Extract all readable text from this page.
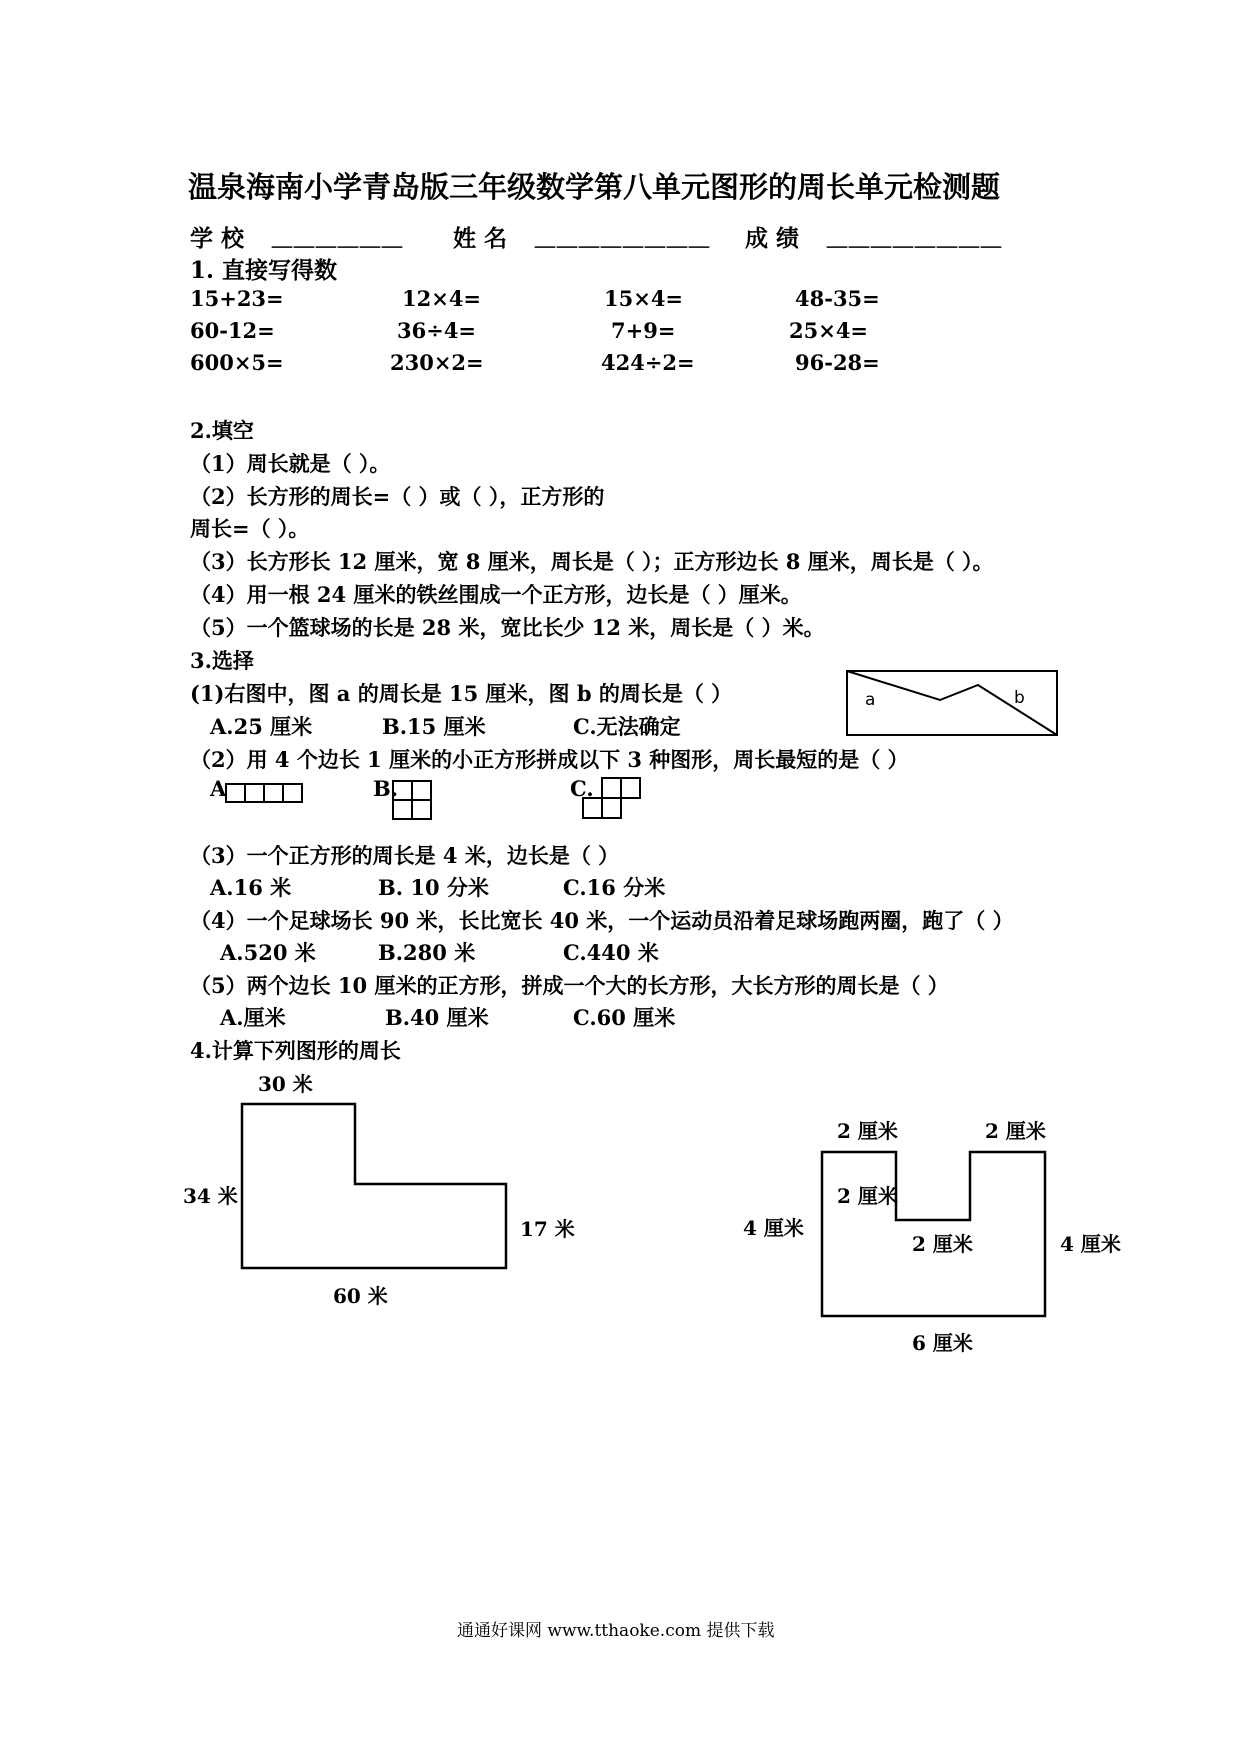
温泉海南小学青岛版三年级数学第八单元图形的周长单元检测题
学 校 ＿＿＿＿＿＿ 姓 名 ＿＿＿＿＿＿＿＿ 成 绩 ＿＿＿＿＿＿＿＿
1. 直接写得数
15+23=	12×4=	15×4=	48-35=
60-12=	36÷4=	7+9=	25×4=
600×5=	230×2=	424÷2=	96-28=
2.填空
（1）周长就是（ ）。
（2）长方形的周长=（ ）或（ ），正方形的
周长=（ ）。
（3）长方形长 12 厘米，宽 8 厘米，周长是（ ）；正方形边长 8 厘米，周长是（ ）。
（4）用一根 24 厘米的铁丝围成一个正方形，边长是（ ）厘米。
（5）一个篮球场的长是 28 米，宽比长少 12 米，周长是（ ）米。
3.选择
(1)右图中，图 a 的周长是 15 厘米，图 b 的周长是（ ）
A.25 厘米	B.15 厘米	C.无法确定
a	b
（2）用 4 个边长 1 厘米的小正方形拼成以下 3 种图形，周长最短的是（ ）
A	B.	C.
（3）一个正方形的周长是 4 米，边长是（ ）
A.16 米	B. 10 分米	C.16 分米
（4）一个足球场长 90 米，长比宽长 40 米，一个运动员沿着足球场跑两圈，跑了（ ）
A.520 米	B.280 米	C.440 米
（5）两个边长 10 厘米的正方形，拼成一个大的长方形，大长方形的周长是（ ）
A.厘米	B.40 厘米	C.60 厘米
4.计算下列图形的周长
30 米
34 米
17 米
60 米
2 厘米	2 厘米
2 厘米
2 厘米
4 厘米
4 厘米
6 厘米
通通好课网 www.tthaoke.com 提供下载
